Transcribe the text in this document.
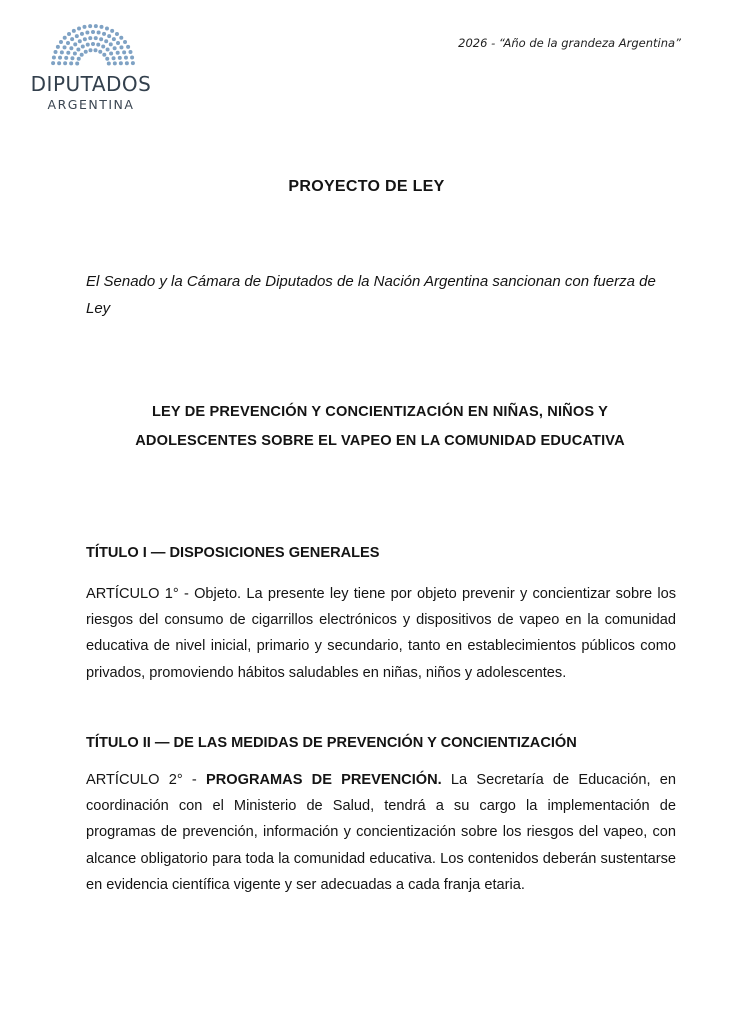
DIPUTADOS
ARGENTINA
2026 - “Año de la grandeza Argentina”
PROYECTO DE LEY
El Senado y la Cámara de Diputados de la Nación Argentina sancionan con fuerza de Ley
LEY DE PREVENCIÓN Y CONCIENTIZACIÓN EN NIÑAS, NIÑOS Y
ADOLESCENTES SOBRE EL VAPEO EN LA COMUNIDAD EDUCATIVA
TÍTULO I — DISPOSICIONES GENERALES
ARTÍCULO 1° - Objeto. La presente ley tiene por objeto prevenir y concientizar sobre los riesgos del consumo de cigarrillos electrónicos y dispositivos de vapeo en la comunidad educativa de nivel inicial, primario y secundario, tanto en establecimientos públicos como privados, promoviendo hábitos saludables en niñas, niños y adolescentes.
TÍTULO II — DE LAS MEDIDAS DE PREVENCIÓN Y CONCIENTIZACIÓN
ARTÍCULO 2° - PROGRAMAS DE PREVENCIÓN. La Secretaría de Educación, en coordinación con el Ministerio de Salud, tendrá a su cargo la implementación de programas de prevención, información y concientización sobre los riesgos del vapeo, con alcance obligatorio para toda la comunidad educativa. Los contenidos deberán sustentarse en evidencia científica vigente y ser adecuadas a cada franja etaria.
